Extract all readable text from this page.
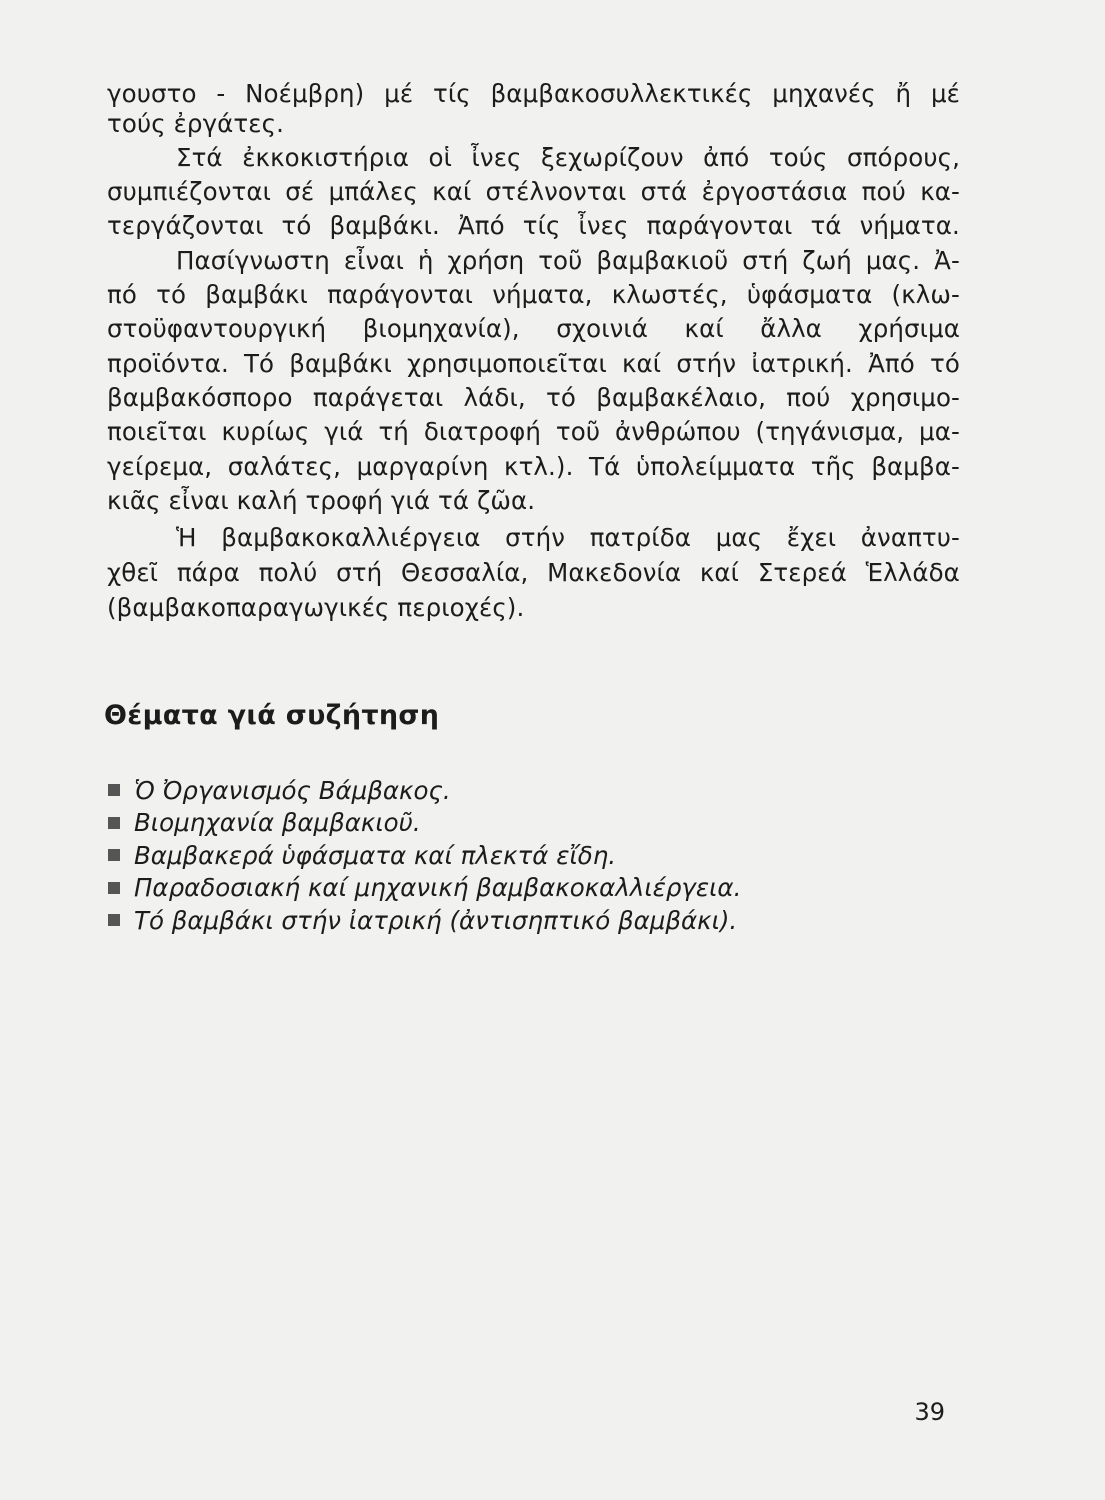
γουστο - Νοέμβρη) μέ τίς βαμβακοσυλλεκτικές μηχανές ἤ μέ
τούς ἐργάτες.
Στά ἐκκοκιστήρια οἱ ἶνες ξεχωρίζουν ἀπό τούς σπόρους,
συμπιέζονται σέ μπάλες καί στέλνονται στά ἐργοστάσια πού κα-
τεργάζονται τό βαμβάκι. Ἀπό τίς ἶνες παράγονται τά νήματα.
Πασίγνωστη εἶναι ἡ χρήση τοῦ βαμβακιοῦ στή ζωή μας. Ἀ-
πό τό βαμβάκι παράγονται νήματα, κλωστές, ὑφάσματα (κλω-
στοϋφαντουργική βιομηχανία), σχοινιά καί ἄλλα χρήσιμα
προϊόντα. Τό βαμβάκι χρησιμοποιεῖται καί στήν ἰατρική. Ἀπό τό
βαμβακόσπορο παράγεται λάδι, τό βαμβακέλαιο, πού χρησιμο-
ποιεῖται κυρίως γιά τή διατροφή τοῦ ἀνθρώπου (τηγάνισμα, μα-
γείρεμα, σαλάτες, μαργαρίνη κτλ.). Τά ὑπολείμματα τῆς βαμβα-
κιᾶς εἶναι καλή τροφή γιά τά ζῶα.
Ἡ βαμβακοκαλλιέργεια στήν πατρίδα μας ἔχει ἀναπτυ-
χθεῖ πάρα πολύ στή Θεσσαλία, Μακεδονία καί Στερεά Ἑλλάδα
(βαμβακοπαραγωγικές περιοχές).
Θέματα γιά συζήτηση
Ὁ Ὀργανισμός Βάμβακος.
Βιομηχανία βαμβακιοῦ.
Βαμβακερά ὑφάσματα καί πλεκτά εἴδη.
Παραδοσιακή καί μηχανική βαμβακοκαλλιέργεια.
Τό βαμβάκι στήν ἰατρική (ἀντισηπτικό βαμβάκι).
39
